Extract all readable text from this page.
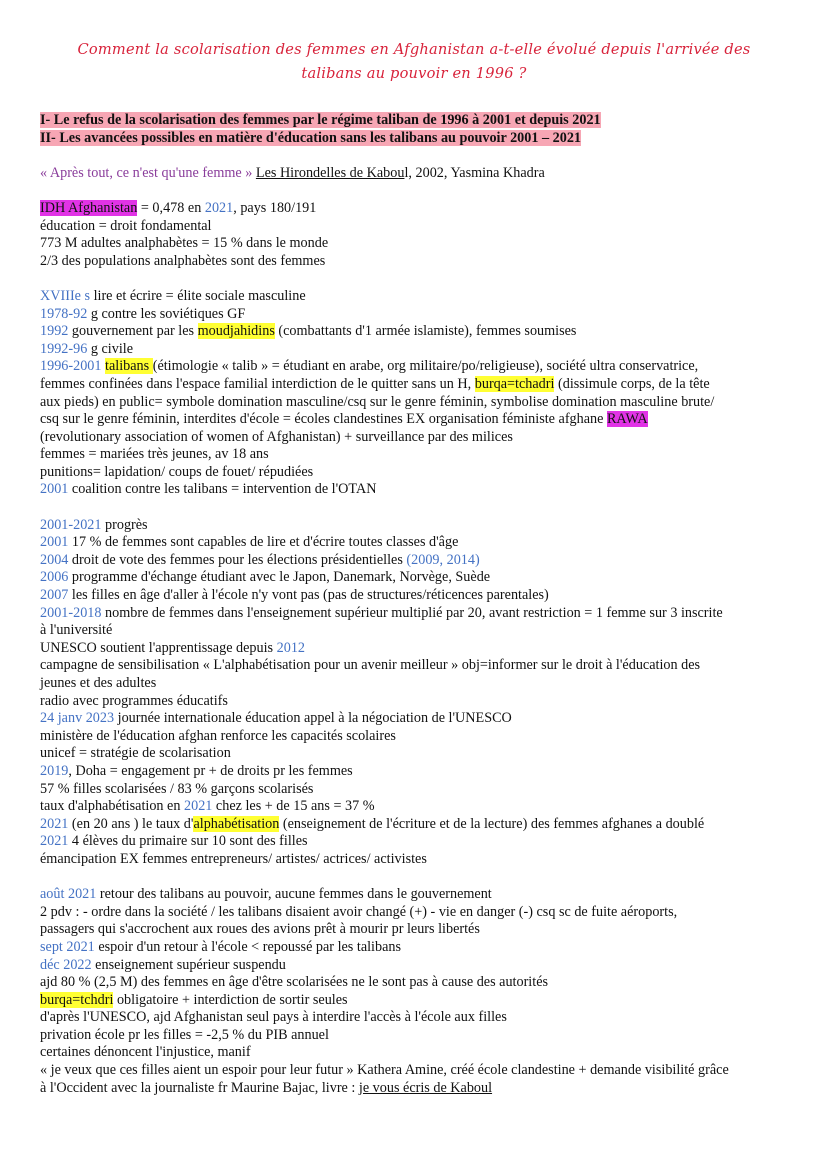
Comment la scolarisation des femmes en Afghanistan a-t-elle évolué depuis l'arrivée des
talibans au pouvoir en 1996 ?

I- Le refus de la scolarisation des femmes par le régime taliban de 1996 à 2001 et depuis 2021

II- Les avancées possibles en matière d'éducation sans les talibans au pouvoir 2001 – 2021

« Après tout, ce n'est qu'une femme » Les Hirondelles de Kaboul, 2002, Yasmina Khadra

IDH Afghanistan = 0,478 en 2021, pays 180/191

éducation = droit fondamental

773 M adultes analphabètes = 15 % dans le monde

2/3 des populations analphabètes sont des femmes

XVIIIe s lire et écrire = élite sociale masculine

1978-92 g contre les soviétiques GF

1992 gouvernement par les moudjahidins (combattants d'1 armée islamiste), femmes soumises

1992-96 g civile

1996-2001 talibans (étimologie « talib » = étudiant en arabe, org militaire/po/religieuse), société ultra conservatrice,

femmes confinées dans l'espace familial interdiction de le quitter sans un H, burqa=tchadri (dissimule corps, de la tête

aux pieds) en public= symbole domination masculine/csq sur le genre féminin, symbolise domination masculine brute/

csq sur le genre féminin, interdites d'école = écoles clandestines EX organisation féministe afghane RAWA

(revolutionary association of women of Afghanistan) + surveillance par des milices

femmes = mariées très jeunes, av 18 ans

punitions= lapidation/ coups de fouet/ répudiées

2001 coalition contre les talibans = intervention de l'OTAN

2001-2021 progrès

2001 17 % de femmes sont capables de lire et d'écrire toutes classes d'âge

2004 droit de vote des femmes pour les élections présidentielles (2009, 2014)

2006 programme d'échange étudiant avec le Japon, Danemark, Norvège, Suède

2007 les filles en âge d'aller à l'école n'y vont pas (pas de structures/réticences parentales)

2001-2018 nombre de femmes dans l'enseignement supérieur multiplié par 20, avant restriction = 1 femme sur 3 inscrite

à l'université

UNESCO soutient l'apprentissage depuis 2012

campagne de sensibilisation « L'alphabétisation pour un avenir meilleur » obj=informer sur le droit à l'éducation des

jeunes et des adultes

radio avec programmes éducatifs

24 janv 2023 journée internationale éducation appel à la négociation de l'UNESCO

ministère de l'éducation afghan renforce les capacités scolaires

unicef = stratégie de scolarisation

2019, Doha = engagement pr + de droits pr les femmes

57 % filles scolarisées / 83 % garçons scolarisés

taux d'alphabétisation en 2021 chez les + de 15 ans = 37 %

2021 (en 20 ans ) le taux d'alphabétisation (enseignement de l'écriture et de la lecture) des femmes afghanes a doublé

2021 4 élèves du primaire sur 10 sont des filles

émancipation EX femmes entrepreneurs/ artistes/ actrices/ activistes

août 2021 retour des talibans au pouvoir, aucune femmes dans le gouvernement

2 pdv : - ordre dans la société / les talibans disaient avoir changé (+) - vie en danger (-) csq sc de fuite aéroports,

passagers qui s'accrochent aux roues des avions prêt à mourir pr leurs libertés

sept 2021 espoir d'un retour à l'école < repoussé par les talibans

déc 2022 enseignement supérieur suspendu

ajd 80 % (2,5 M) des femmes en âge d'être scolarisées ne le sont pas à cause des autorités

burqa=tchdri obligatoire + interdiction de sortir seules

d'après l'UNESCO, ajd Afghanistan seul pays à interdire l'accès à l'école aux filles

privation école pr les filles = -2,5 % du PIB annuel

certaines dénoncent l'injustice, manif

« je veux que ces filles aient un espoir pour leur futur » Kathera Amine, créé école clandestine + demande visibilité grâce

à l'Occident avec la journaliste fr Maurine Bajac, livre : je vous écris de Kaboul
